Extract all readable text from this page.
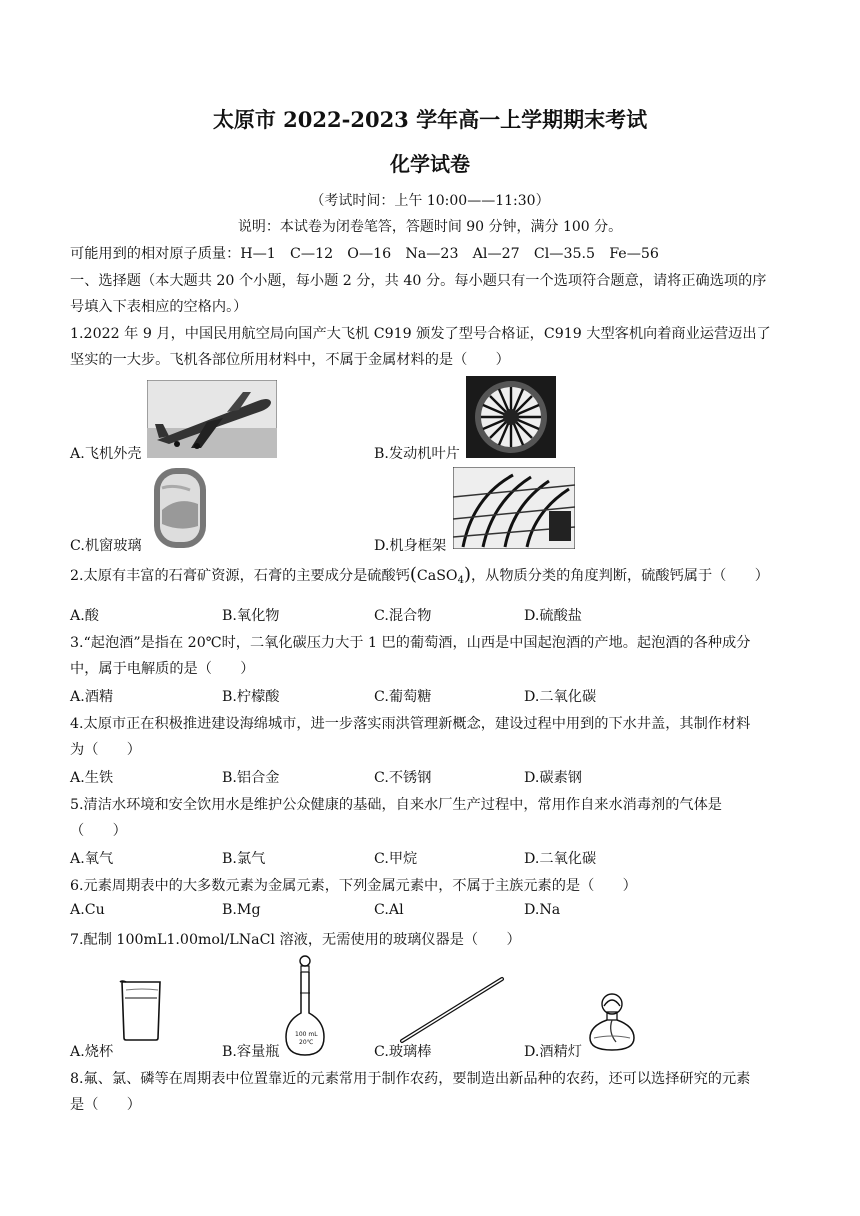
太原市 2022-2023 学年高一上学期期末考试
化学试卷
（考试时间：上午 10:00——11:30）
说明：本试卷为闭卷笔答，答题时间 90 分钟，满分 100 分。
可能用到的相对原子质量：H—1　C—12　O—16　Na—23　Al—27　Cl—35.5　Fe—56
一、选择题（本大题共 20 个小题，每小题 2 分，共 40 分。每小题只有一个选项符合题意，请将正确选项的序
号填入下表相应的空格内。）
1.2022 年 9 月，中国民用航空局向国产大飞机 C919 颁发了型号合格证，C919 大型客机向着商业运营迈出了
坚实的一大步。飞机各部位所用材料中，不属于金属材料的是（　　）
A.飞机外壳	B.发动机叶片
C.机窗玻璃	D.机身框架
2.太原有丰富的石膏矿资源，石膏的主要成分是硫酸钙(CaSO$_4$)，从物质分类的角度判断，硫酸钙属于（　　）
A.酸	B.氧化物	C.混合物	D.硫酸盐
3.“起泡酒”是指在 20℃时，二氧化碳压力大于 1 巴的葡萄酒，山西是中国起泡酒的产地。起泡酒的各种成分
中，属于电解质的是（　　）
A.酒精	B.柠檬酸	C.葡萄糖	D.二氧化碳
4.太原市正在积极推进建设海绵城市，进一步落实雨洪管理新概念，建设过程中用到的下水井盖，其制作材料
为（　　）
A.生铁	B.铝合金	C.不锈钢	D.碳素钢
5.清洁水环境和安全饮用水是维护公众健康的基础，自来水厂生产过程中，常用作自来水消毒剂的气体是
（　　）
A.氧气	B.氯气	C.甲烷	D.二氧化碳
6.元素周期表中的大多数元素为金属元素，下列金属元素中，不属于主族元素的是（　　）
A.Cu	B.Mg	C.Al	D.Na
7.配制 100mL1.00mol/LNaCl 溶液，无需使用的玻璃仪器是（　　）
100 mL
20℃
A.烧杯	B.容量瓶	C.玻璃棒	D.酒精灯
8.氟、氯、磷等在周期表中位置靠近的元素常用于制作农药，要制造出新品种的农药，还可以选择研究的元素
是（　　）
